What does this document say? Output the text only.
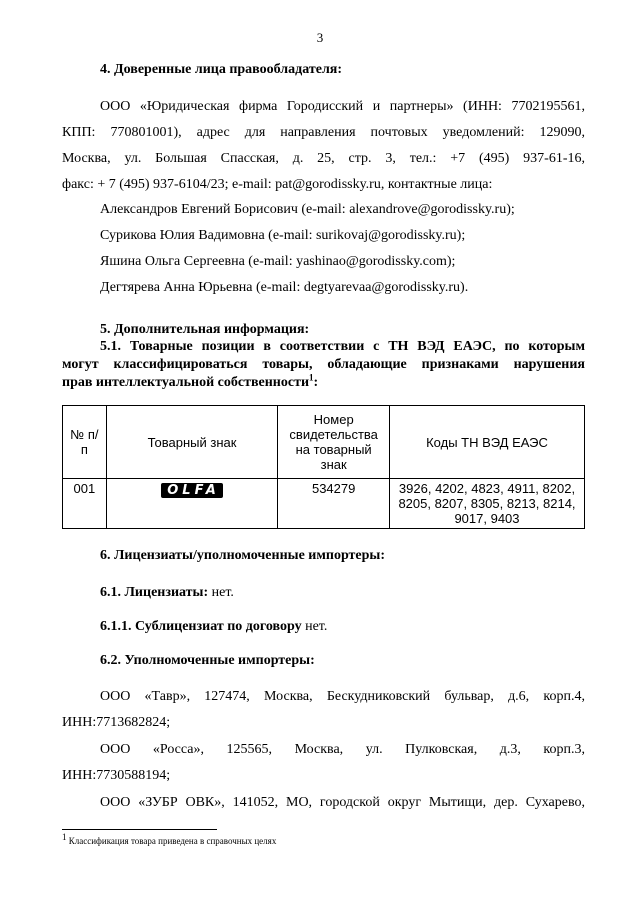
3
4. Доверенные лица правообладателя:
ООО «Юридическая фирма Городисский и партнеры» (ИНН: 7702195561,
КПП: 770801001), адрес для направления почтовых уведомлений: 129090,
Москва, ул. Большая Спасская, д. 25, стр. 3, тел.: +7 (495) 937-61-16,
факс: + 7 (495) 937-6104/23; e-mail: pat@gorodissky.ru, контактные лица:
Александров Евгений Борисович (e-mail: alexandrove@gorodissky.ru);
Сурикова Юлия Вадимовна (e-mail: surikovaj@gorodissky.ru);
Яшина Ольга Сергеевна (e-mail: yashinao@gorodissky.com);
Дегтярева Анна Юрьевна (e-mail: degtyarevaa@gorodissky.ru).
5. Дополнительная информация:
5.1. Товарные позиции в соответствии с ТН ВЭД ЕАЭС, по которым
могут классифицироваться товары, обладающие признаками нарушения
прав интеллектуальной собственности$^1$:
№ п/п	Товарный знак	Номер свидетельства на товарный знак	Коды ТН ВЭД ЕАЭС
001	OLFA	534279	3926, 4202, 4823, 4911, 8202, 8205, 8207, 8305, 8213, 8214, 9017, 9403
6. Лицензиаты/уполномоченные импортеры:
6.1. Лицензиаты: нет.
6.1.1. Сублицензиат по договору нет.
6.2. Уполномоченные импортеры:
ООО «Тавр», 127474, Москва, Бескудниковский бульвар, д.6, корп.4,
ИНН:7713682824;
ООО «Росса», 125565, Москва, ул. Пулковская, д.3, корп.3,
ИНН:7730588194;
ООО «ЗУБР ОВК», 141052, МО, городской округ Мытищи, дер. Сухарево,
$^1$ Классификация товара приведена в справочных целях
